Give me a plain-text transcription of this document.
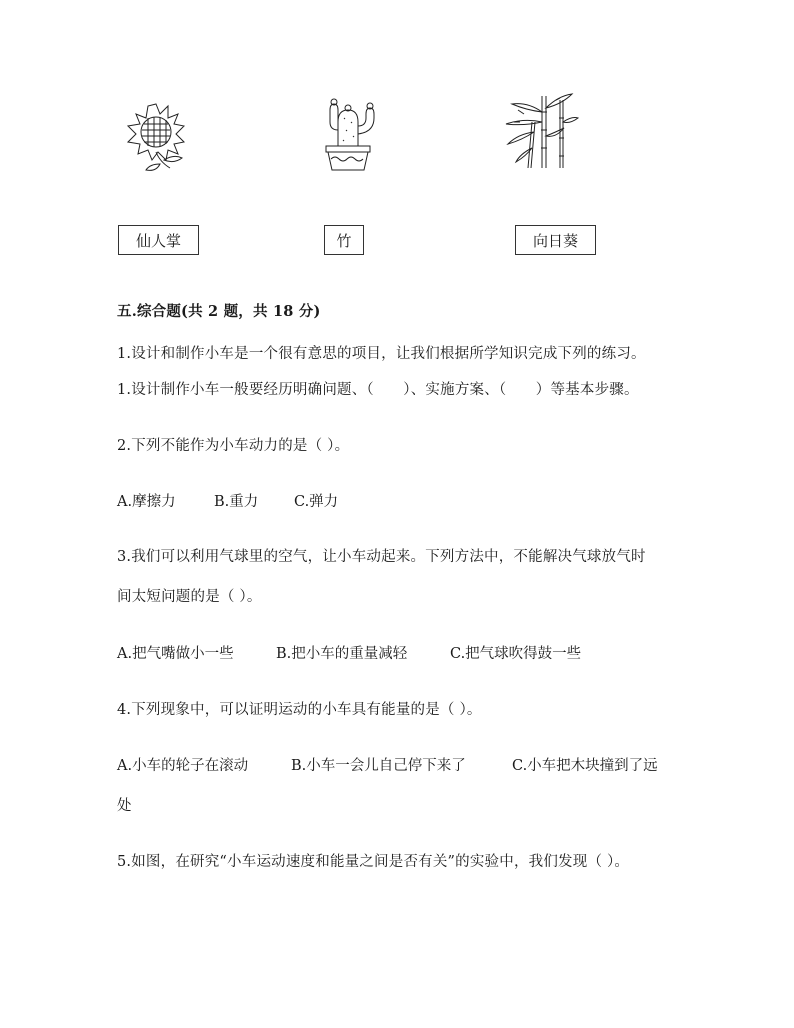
仙人掌	竹	向日葵
五.综合题(共 2 题，共 18 分)
1.设计和制作小车是一个很有意思的项目，让我们根据所学知识完成下列的练习。
1.设计制作小车一般要经历明确问题、（　　）、实施方案、（　　）等基本步骤。
2.下列不能作为小车动力的是（ ）。
A.摩擦力	B.重力 C.弹力
3.我们可以利用气球里的空气，让小车动起来。下列方法中，不能解决气球放气时
间太短问题的是（ ）。
A.把气嘴做小一些	B.把小车的重量减轻	C.把气球吹得鼓一些
4.下列现象中，可以证明运动的小车具有能量的是（ ）。
A.小车的轮子在滚动	B.小车一会儿自己停下来了	C.小车把木块撞到了远
处
5.如图，在研究“小车运动速度和能量之间是否有关”的实验中，我们发现（ ）。
